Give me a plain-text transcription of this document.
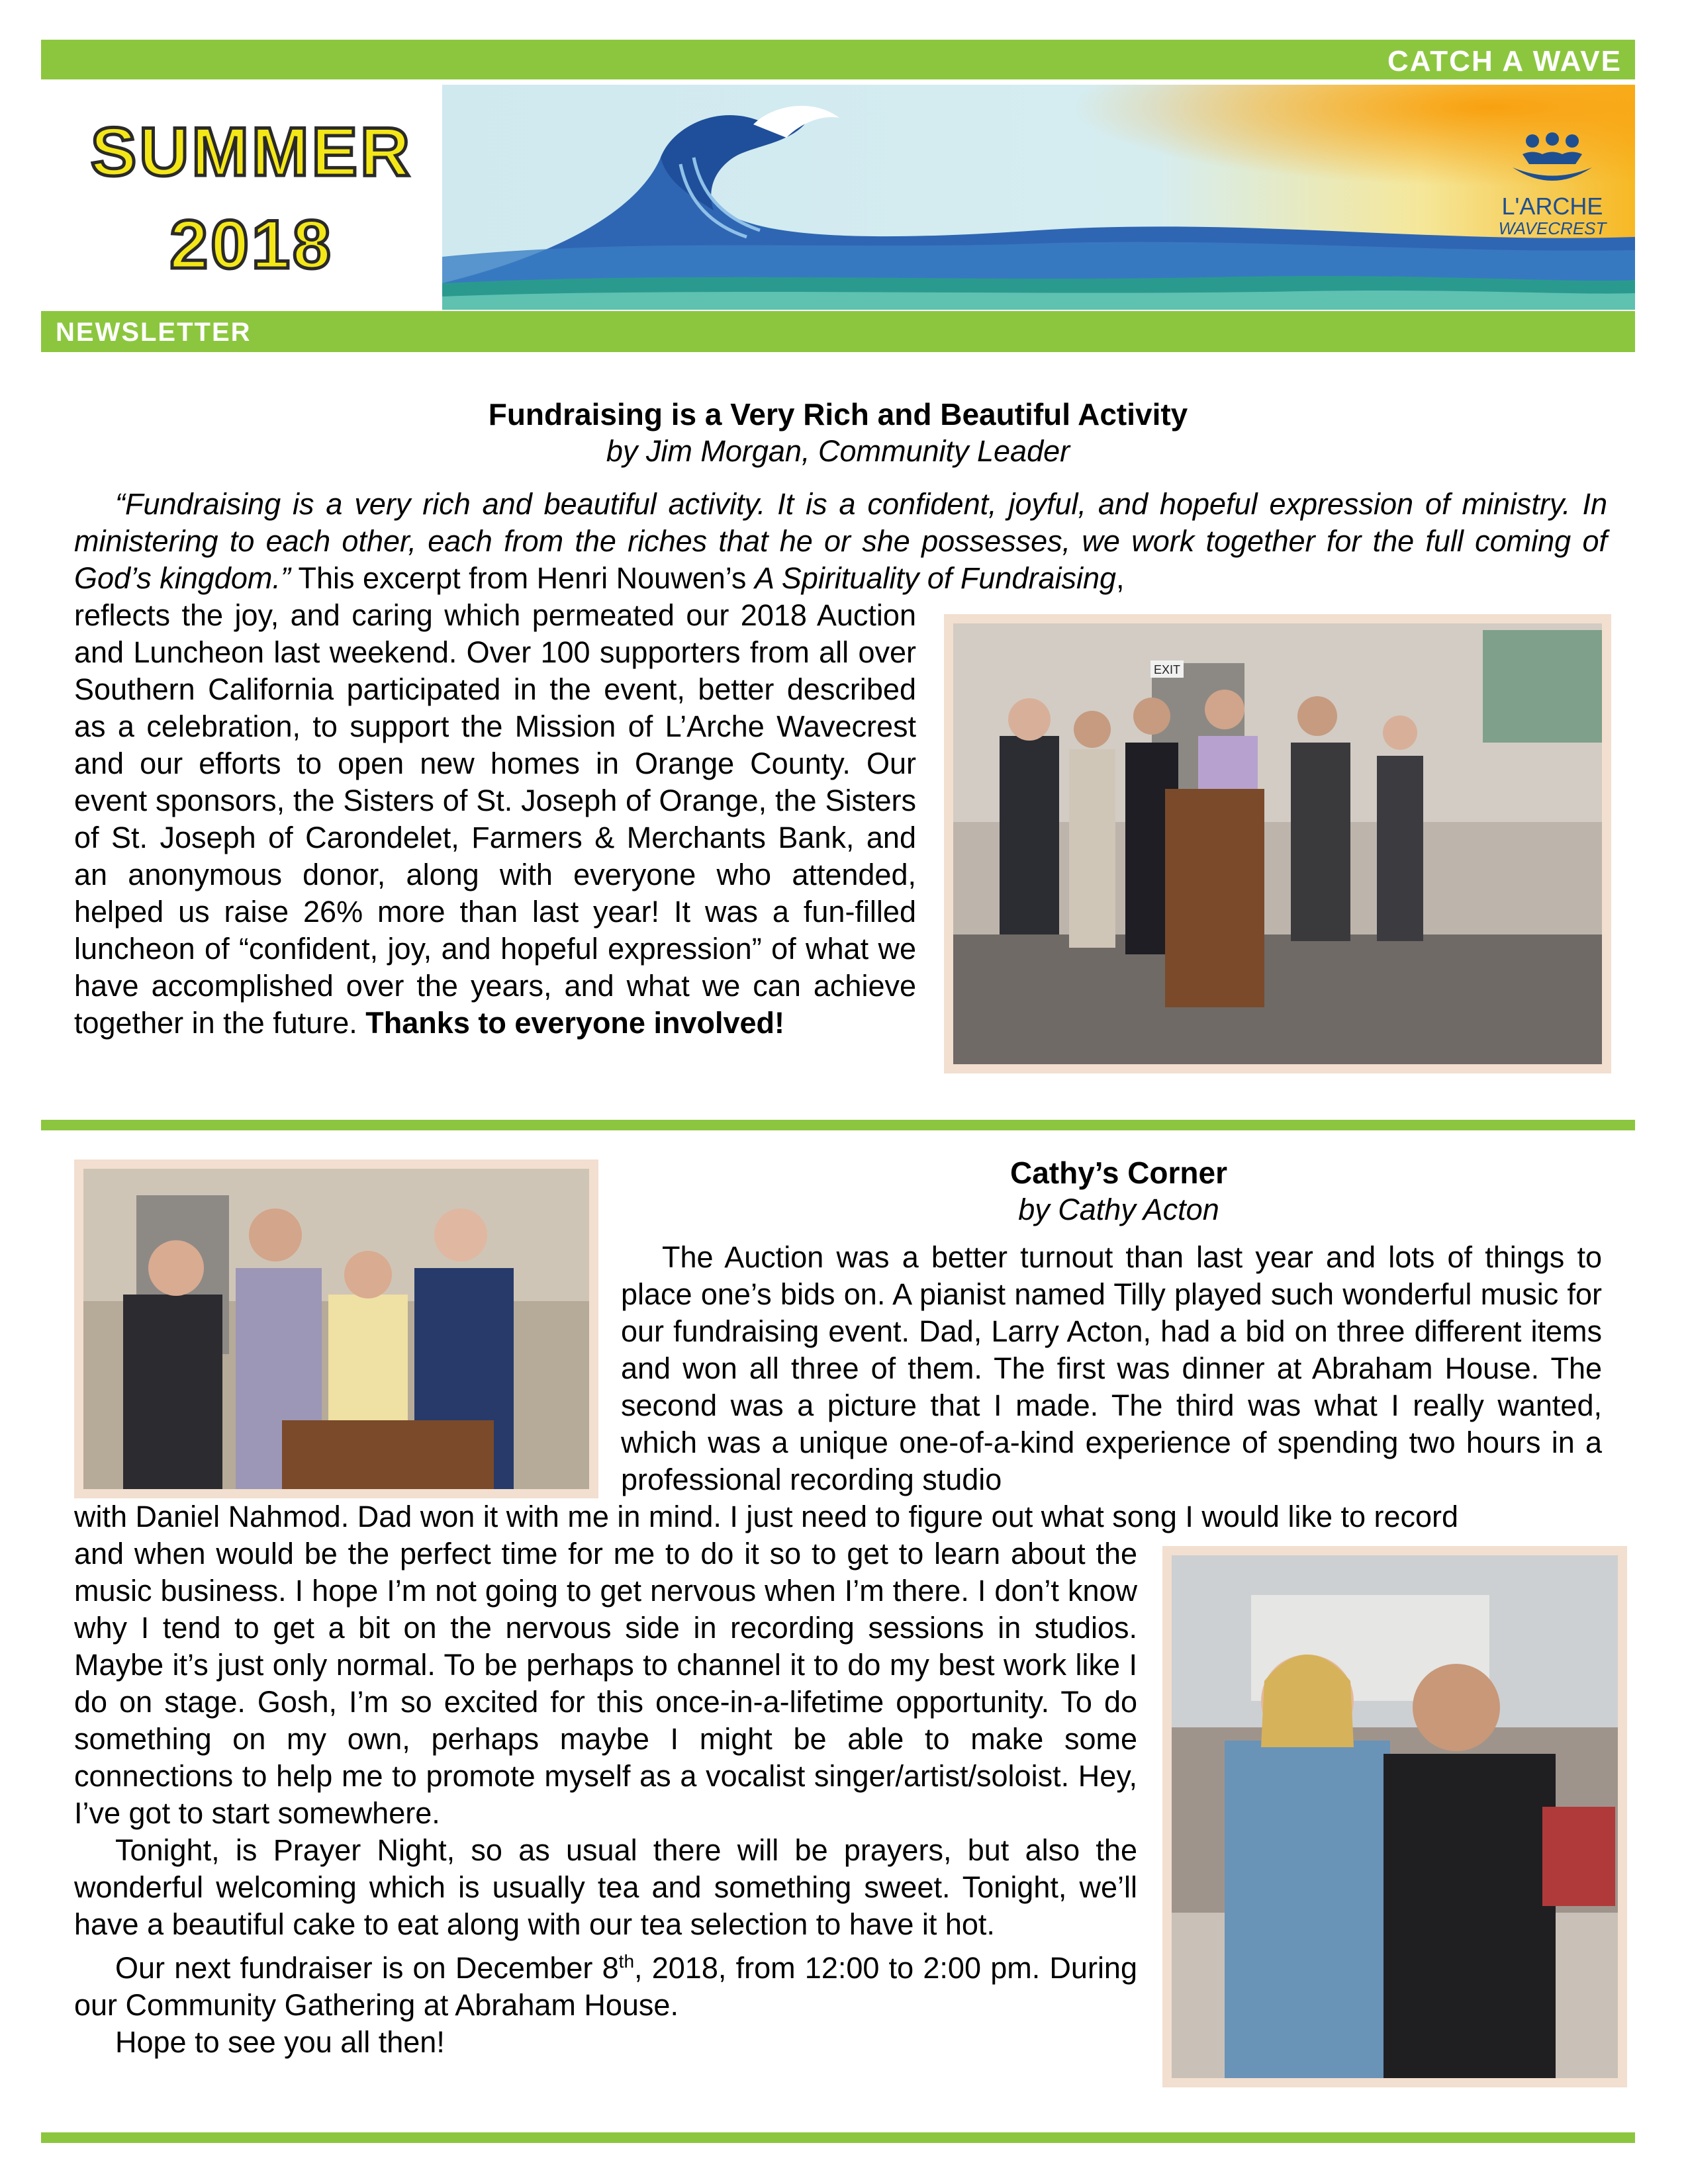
CATCH A WAVE
SUMMER
2018
L'ARCHE
WAVECREST
NEWSLETTER
Fundraising is a Very Rich and Beautiful Activity
by Jim Morgan, Community Leader

“Fundraising is a very rich and beautiful activity. It is a confident, joyful, and hopeful expression of ministry. In ministering to each other, each from the riches that he or she possesses, we work together for the full coming of God’s kingdom.” This excerpt from Henri Nouwen’s A Spirituality of Fundraising,

reflects the joy, and caring which permeated our 2018 Auction and Luncheon last weekend. Over 100 supporters from all over Southern California participated in the event, better described as a celebration, to support the Mission of L’Arche Wavecrest and our efforts to open new homes in Orange County. Our event sponsors, the Sisters of St. Joseph of Orange, the Sisters of St. Joseph of Carondelet, Farmers & Merchants Bank, and an anonymous donor, along with everyone who attended, helped us raise 26% more than last year! It was a fun-filled luncheon of “confident, joy, and hopeful expression” of what we have accomplished over the years, and what we can achieve together in the future. Thanks to everyone involved!

EXIT
Cathy’s Corner
by Cathy Acton

The Auction was a better turnout than last year and lots of things to place one’s bids on. A pianist named Tilly played such wonderful music for our fundraising event. Dad, Larry Acton, had a bid on three different items and won all three of them. The first was dinner at Abraham House. The second was a picture that I made. The third was what I really wanted, which was a unique one-of-a-kind experience of spending two hours in a professional recording studio

with Daniel Nahmod. Dad won it with me in mind. I just need to figure out what song I would like to record

and when would be the perfect time for me to do it so to get to learn about the music business. I hope I’m not going to get nervous when I’m there. I don’t know why I tend to get a bit on the nervous side in recording sessions in studios. Maybe it’s just only normal. To be perhaps to channel it to do my best work like I do on stage. Gosh, I’m so excited for this once-in-a-lifetime opportunity. To do something on my own, perhaps maybe I might be able to make some connections to help me to promote myself as a vocalist singer/artist/soloist. Hey, I’ve got to start somewhere.

Tonight, is Prayer Night, so as usual there will be prayers, but also the wonderful welcoming which is usually tea and something sweet. Tonight, we’ll have a beautiful cake to eat along with our tea selection to have it hot.

Our next fundraiser is on December 8th, 2018, from 12:00 to 2:00 pm. During our Community Gathering at Abraham House.

Hope to see you all then!
